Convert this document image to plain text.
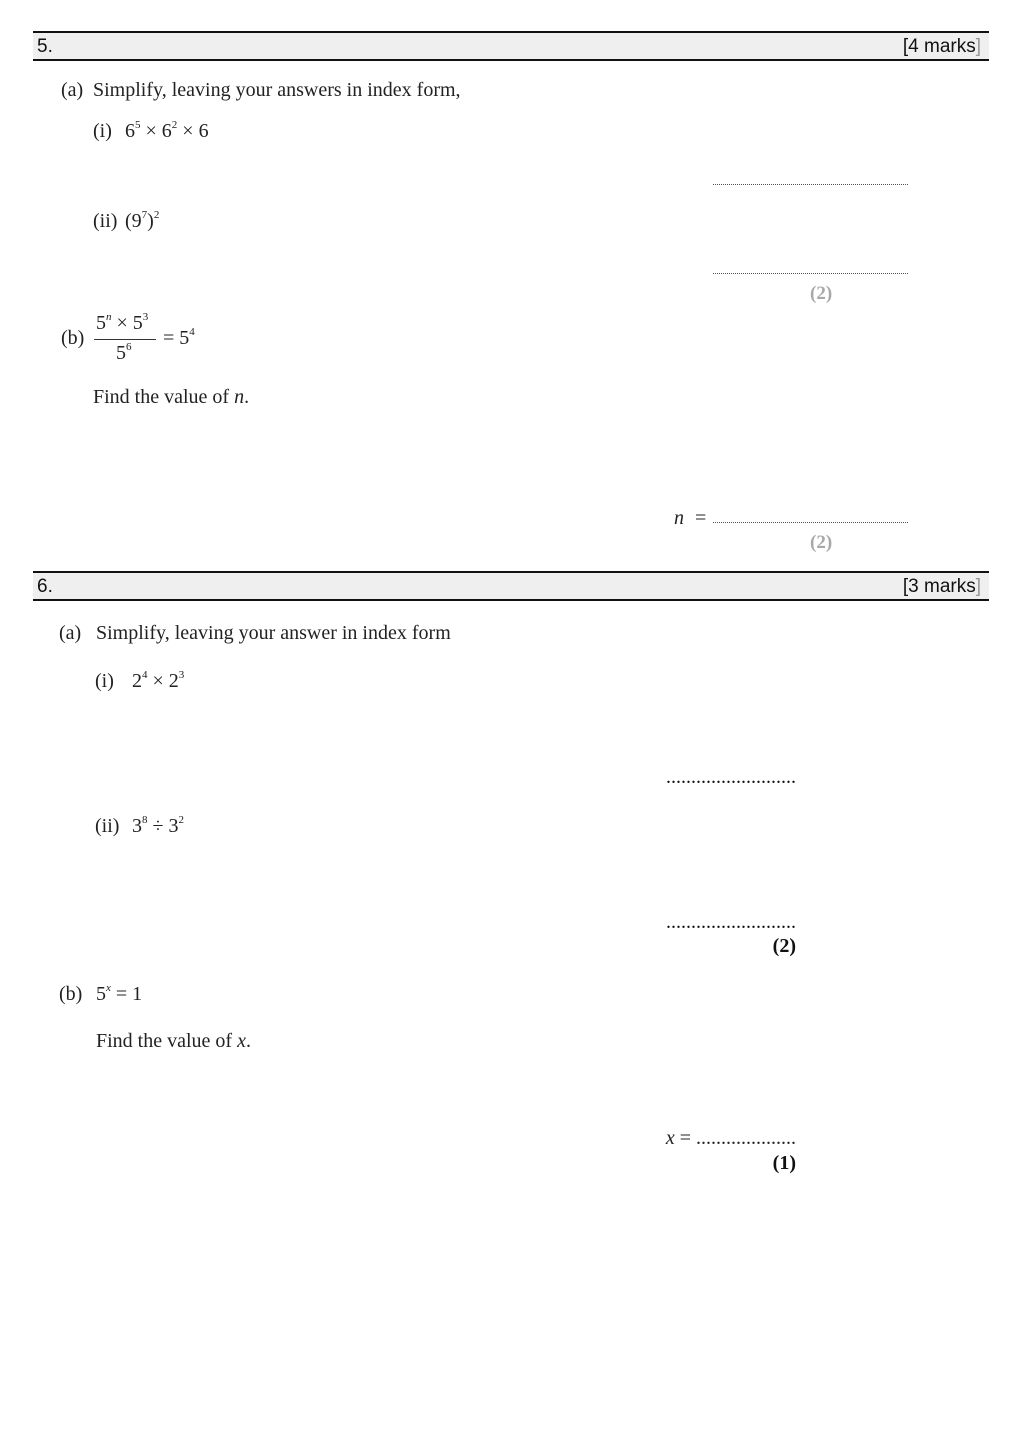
5.	[4 marks]
(a) Simplify, leaving your answers in index form,
(i) $6^5 \times 6^2 \times 6$
(ii) $(9^7)^2$
(2)
(b)
$5^n \times 5^3$
$5^6 = 5^4$
Find the value of n.
n =
(2)
6.	[3 marks]
(a) Simplify, leaving your answer in index form
(i) $2^4 \times 2^3$
..........................
(ii) $3^8 \div 3^2$
..........................
(2)
(b) $5^x = 1$
Find the value of x.
x = ....................
(1)
